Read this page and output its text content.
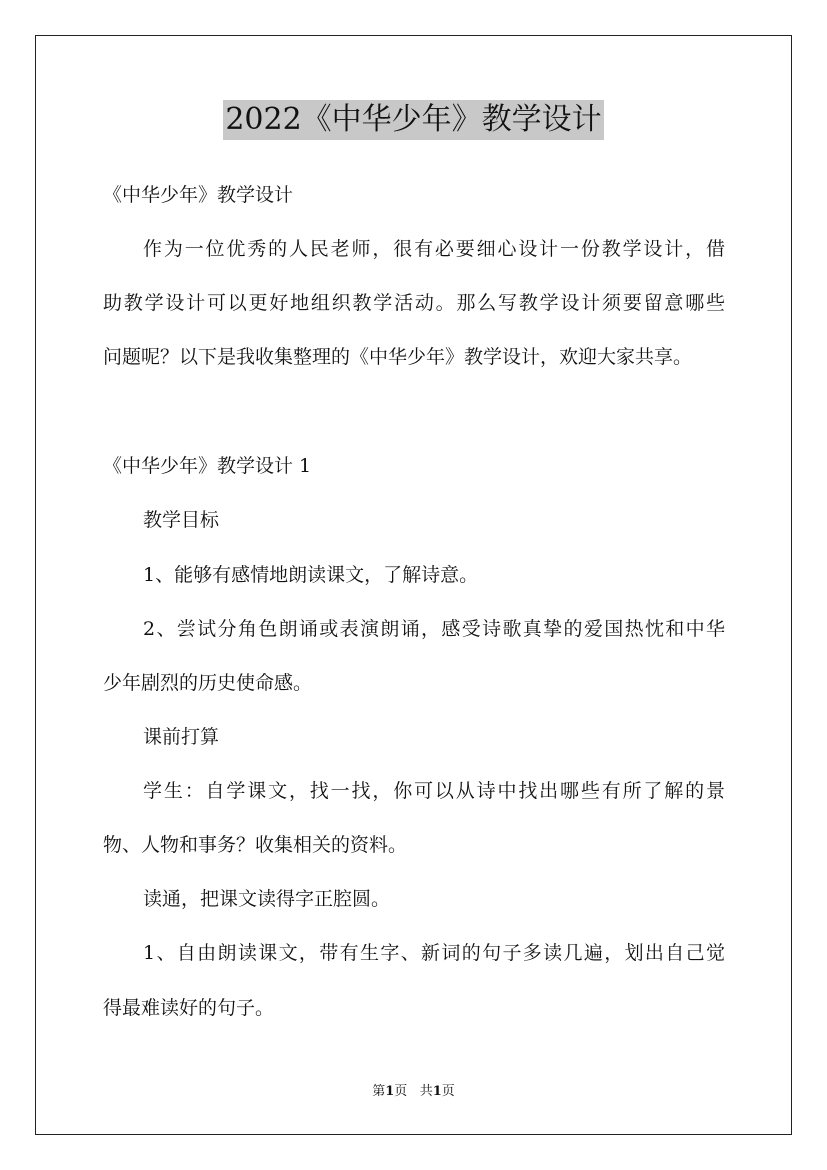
2022《中华少年》教学设计
《中华少年》教学设计
作为一位优秀的人民老师，很有必要细心设计一份教学设计，借
助教学设计可以更好地组织教学活动。那么写教学设计须要留意哪些
问题呢？以下是我收集整理的《中华少年》教学设计，欢迎大家共享。
《中华少年》教学设计 1
教学目标
1、能够有感情地朗读课文，了解诗意。
2、尝试分角色朗诵或表演朗诵，感受诗歌真挚的爱国热忱和中华
少年剧烈的历史使命感。
课前打算
学生：自学课文，找一找，你可以从诗中找出哪些有所了解的景
物、人物和事务？收集相关的资料。
读通，把课文读得字正腔圆。
1、自由朗读课文，带有生字、新词的句子多读几遍，划出自己觉
得最难读好的句子。
第1页 共1页
